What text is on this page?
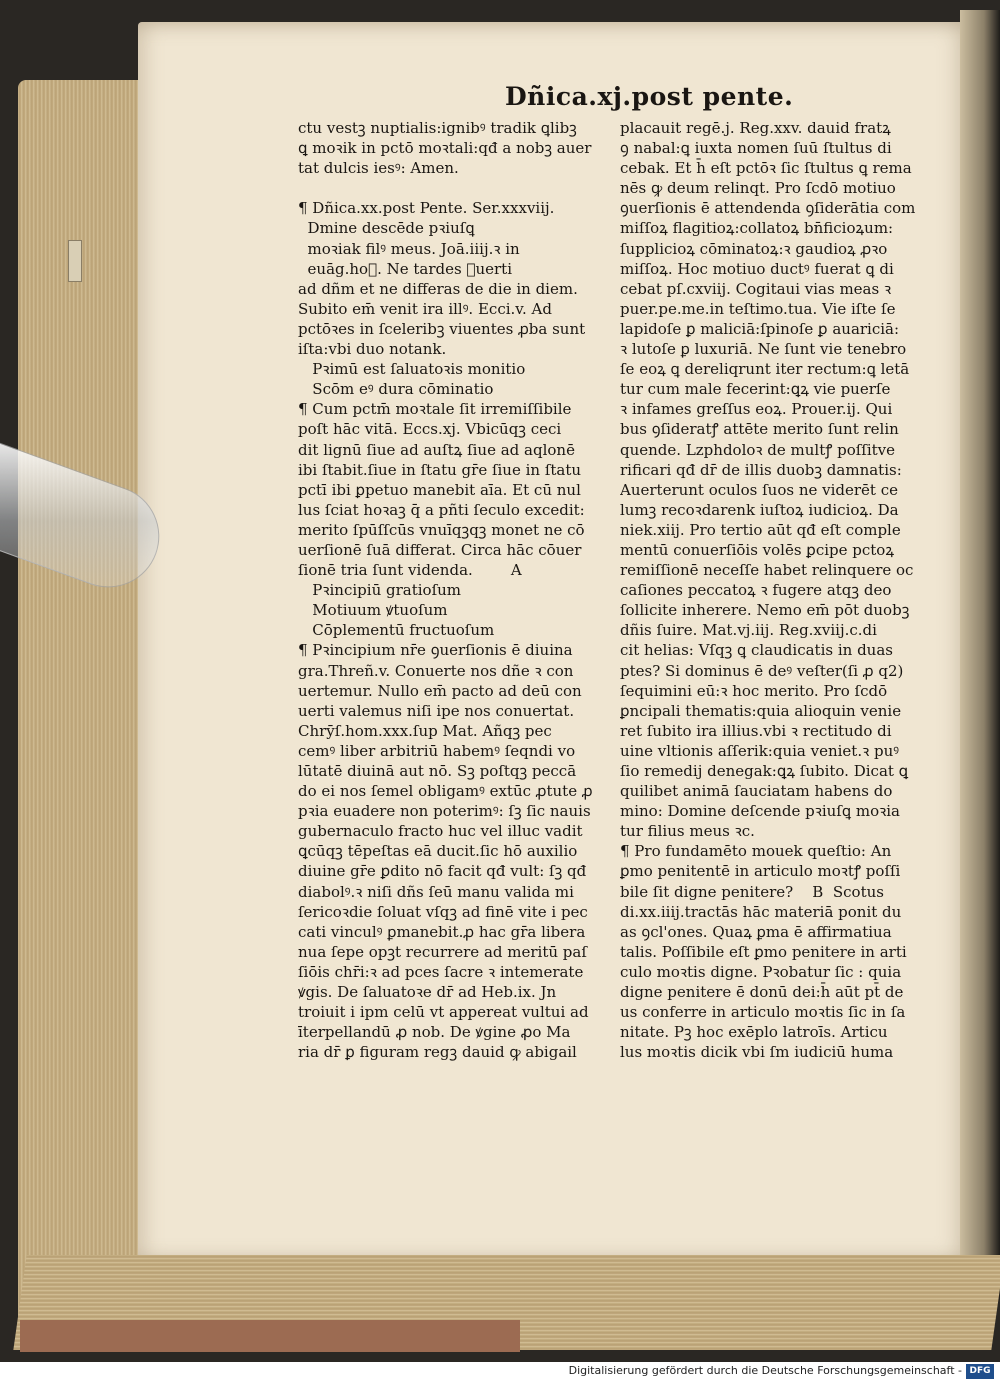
Dñica.xj.post pente.
ctu vestꝫ nuptialis:ignibꝰ tradik ꝗlibꝫ
ꝗ moꝛik in pctō moꝛtali:qđ a nobꝫ auer
tat dulcis iesꝰ: Amen.
¶ Dñica.xx.post Pente. Ser.xxxviij.
Dmine descēde pꝛiuſꝗ
moꝛiak filꝰ meus. Joā.iiij.ꝛ in
euāg.hoᷘ. Ne tardes ꝯuerti
ad dñm et ne differas de die in diem.
Subito em̄ venit ira illꝰ. Ecci.v. Ad
pctōꝛes in ſceleribꝫ viuentes ꝓba sunt
iſta:vbi duo notank.
Pꝛimū est ſaluatoꝛis monitio
Scōm eꝰ dura cōminatio
¶ Cum pctm̄ moꝛtale ſit irremiſſibile
poſt hāc vitā. Eccs.xj. Vbicūqꝫ ceci
dit lignū ſiue ad auſtꝝ ſiue ad aqlonē
ibi ſtabit.ſiue in ſtatu gr̄e ſiue in ſtatu
pctī ibi ꝑpetuo manebit aīa. Et cū nul
lus ſciat hoꝛaꝫ q̄ a pñti ſeculo excedit:
merito ſpūſſcūs vnuīqꝫqꝫ monet ne cō
uerſionē ſuā differat. Circa hāc cōuer
ſionē tria ſunt videnda.        A
Pꝛincipiū gratioſum
Motiuum ꝟtuoſum
Cōplementū fructuoſum
¶ Pꝛincipium nr̄e ꝯuerſionis ē diuina
gra.Threñ.v. Conuerte nos dñe ꝛ con
uertemur. Nullo em̄ pacto ad deū con
uerti valemus niſi ipe nos conuertat.
Chrȳſ.hom.xxx.ſup Mat. Añqꝫ pec
cemꝰ liber arbitriū habemꝰ ſeqndi vo
lūtatē diuinā aut nō. Sꝫ poſtqꝫ peccā
do ei nos ſemel obligamꝰ extūc ꝓtute ꝓ
pꝛia euadere non poterimꝰ: ſꝫ ſic nauis
gubernaculo fracto huc vel illuc vadit
ꝗcūqꝫ tēpeſtas eā ducit.ſic hō auxilio
diuine gr̄e ꝑdito nō facit qđ vult: ſꝫ qđ
diabolꝰ.ꝛ niſi dñs ſeū manu valida mi
ſericoꝛdie ſoluat vſqꝫ ad finē vite i pec
cati vinculꝰ ꝑmanebit.ꝓ hac gr̄a libera
nua ſepe opꝫt recurrere ad meritū paſ
ſiōis chr̄i:ꝛ ad pces ſacre ꝛ intemerate
ꝟgis. De ſaluatoꝛe dr̄ ad Heb.ix. Jn
troiuit i ipm celū vt appereat vultui ad
īterpellandū ꝓ nob. De ꝟgine ꝓo Ma
ria dr̄ ꝑ figuram regꝫ dauid ꝙ abigail
placauit regē.j. Reg.xxv. dauid fratꝝ
ꝯ nabal:ꝗ iuxta nomen ſuū ſtultus di
cebak. Et h̄ eſt pctōꝛ ſic ſtultus ꝗ rema
nēs ꝙ deum relinqt. Pro ſcdō motiuo
ꝯuerſionis ē attendenda ꝯſiderātia com
miſſoꝝ flagitioꝝ:collatoꝝ bn̄ficioꝝum:
ſupplicioꝝ cōminatoꝝ:ꝛ gaudioꝝ ꝓꝛo
miſſoꝝ. Hoc motiuo ductꝰ fuerat ꝗ di
cebat pſ.cxviij. Cogitaui vias meas ꝛ
puer.pe.me.in teſtimo.tua. Vie iſte ſe
lapidoſe ꝑ maliciā:ſpinoſe ꝑ auariciā:
ꝛ lutoſe ꝑ luxuriā. Ne ſunt vie tenebro
ſe eoꝝ ꝗ dereliqrunt iter rectum:ꝗ letā
tur cum male fecerint:ꝗꝝ vie puerſe
ꝛ infames greſſus eoꝝ. Prouer.ij. Qui
bus ꝯſideratꝭ attēte merito ſunt relin
quende. Lzphdoloꝛ de multꝭ poſſitve
rificari qđ dr̄ de illis duobꝫ damnatis:
Auerterunt oculos ſuos ne viderēt ce
lumꝫ recoꝛdarenk iuſtoꝝ iudicioꝝ. Da
niek.xiij. Pro tertio aūt qđ eſt comple
mentū conuerſiōis volēs ꝑcipe pctoꝝ
remiſſionē neceſſe habet relinquere oc
caſiones peccatoꝝ ꝛ fugere atqꝫ deo
ſollicite inherere. Nemo em̄ pōt duobꝫ
dñis ſuire. Mat.vj.iij. Reg.xviij.c.di
cit helias: Vſqꝫ ꝗ claudicatis in duas
ptes? Si dominus ē deꝰ veſter(ſi ꝓ q2)
ſequimini eū:ꝛ hoc merito. Pro ſcdō
ꝑncipali thematis:quia alioquin venie
ret ſubito ira illius.vbi ꝛ rectitudo di
uine vltionis aſſerik:quia veniet.ꝛ puꝰ
ſio remedij denegak:ꝗꝝ ſubito. Dicat ꝗ
quilibet animā ſauciatam habens do
mino: Domine deſcende pꝛiuſꝗ moꝛia
tur filius meus ꝛc.
¶ Pro fundamēto mouek queſtio: An
ꝑmo penitentē in articulo moꝛtꝭ poſſi
bile ſit digne penitere?    B  Scotus
di.xx.iiij.tractās hāc materiā ponit du
as ꝯcl'ones. Quaꝝ ꝑma ē affirmatiua
talis. Poſſibile eſt ꝑmo penitere in arti
culo moꝛtis digne. Pꝛobatur ſic : quia
digne penitere ē donū dei:h̄ aūt pt̄ de
us conferre in articulo moꝛtis ſic in ſa
nitate. Pꝫ hoc exēplo latroīs. Articu
lus moꝛtis dicik vbi ſm iudiciū huma
Digitalisierung gefördert durch die Deutsche Forschungsgemeinschaft - DFG
